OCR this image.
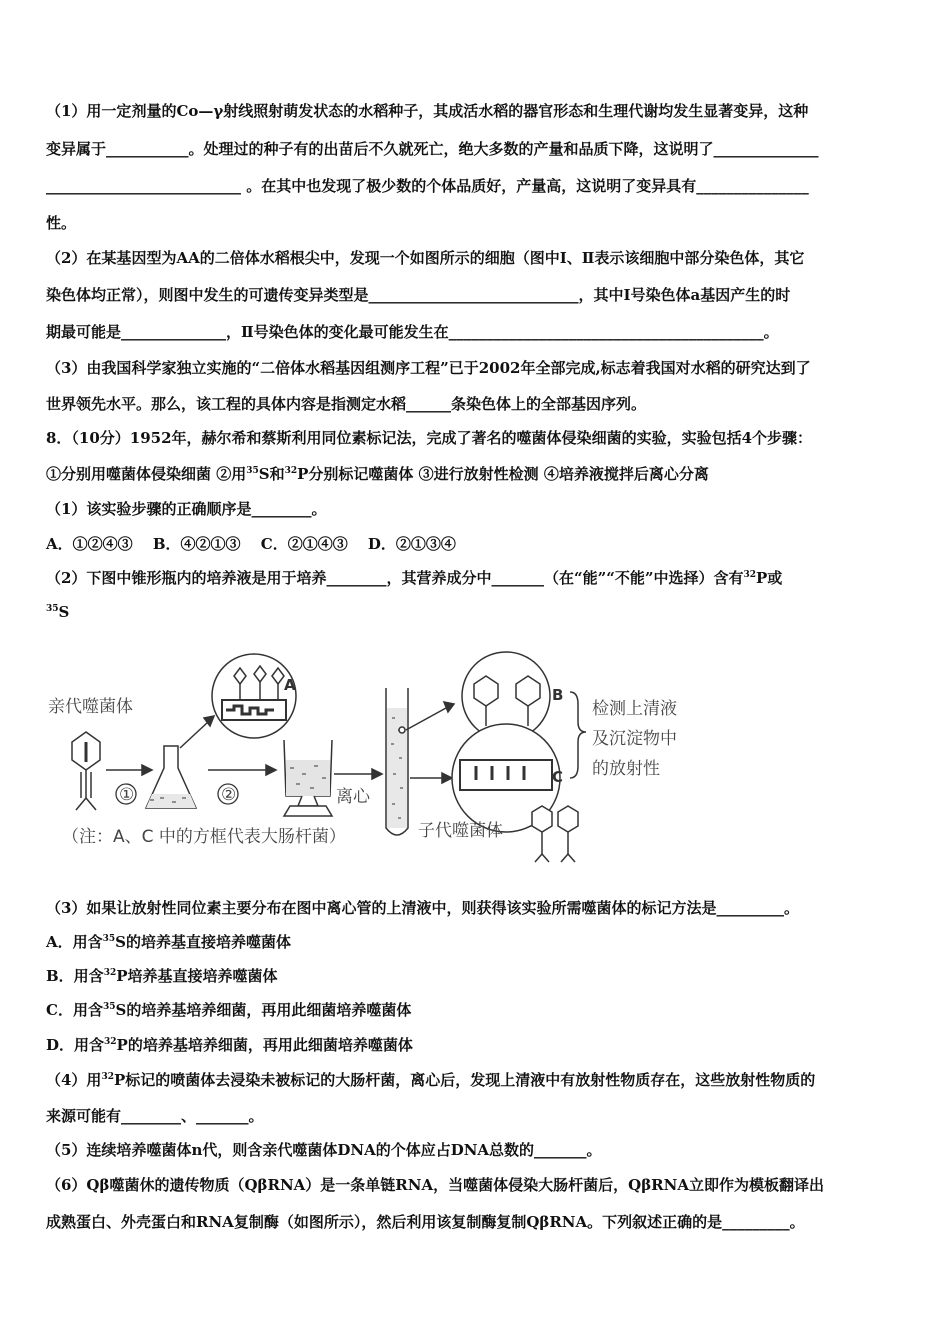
（1）用一定剂量的Co—γ射线照射萌发状态的水稻种子，其成活水稻的器官形态和生理代谢均发生显著变异，这种
变异属于___________。处理过的种子有的出苗后不久就死亡，绝大多数的产量和品质下降，这说明了______________
__________________________ 。在其中也发现了极少数的个体品质好，产量高，这说明了变异具有_______________
性。
（2）在某基因型为AA的二倍体水稻根尖中，发现一个如图所示的细胞（图中Ⅰ、Ⅱ表示该细胞中部分染色体，其它
染色体均正常），则图中发生的可遗传变异类型是____________________________，其中Ⅰ号染色体a基因产生的时
期最可能是______________，Ⅱ号染色体的变化最可能发生在__________________________________________。
（3）由我国科学家独立实施的“二倍体水稻基因组测序工程”已于2002年全部完成,标志着我国对水稻的研究达到了
世界领先水平。那么，该工程的具体内容是指测定水稻______条染色体上的全部基因序列。
8．（10分）1952年，赫尔希和蔡斯利用同位素标记法，完成了著名的噬菌体侵染细菌的实验，实验包括4个步骤：
①分别用噬菌体侵染细菌 ②用$^{35}$S和$^{32}$P分别标记噬菌体 ③进行放射性检测 ④培养液搅拌后离心分离
（1）该实验步骤的正确顺序是________。
A．①②④③　 B．④②①③　 C．②①④③　 D．②①③④
（2）下图中锥形瓶内的培养液是用于培养________，其营养成分中_______（在“能”“不能”中选择）含有$^{32}$P或
$^{35}$S
亲代噬菌体
①
A
②	离心
B
C
检测上清液
及沉淀物中
的放射性
（注：A、C 中的方框代表大肠杆菌）	子代噬菌体
（3）如果让放射性同位素主要分布在图中离心管的上清液中，则获得该实验所需噬菌体的标记方法是_________。
A．用含$^{35}$S的培养基直接培养噬菌体
B．用含$^{32}$P培养基直接培养噬菌体
C．用含$^{35}$S的培养基培养细菌，再用此细菌培养噬菌体
D．用含$^{32}$P的培养基培养细菌，再用此细菌培养噬菌体
（4）用$^{32}$P标记的喷菌体去浸染未被标记的大肠杆菌，离心后，发现上清液中有放射性物质存在，这些放射性物质的
来源可能有________、_______。
（5）连续培养噬菌体n代，则含亲代噬菌体DNA的个体应占DNA总数的_______。
（6）Qβ噬菌休的遗传物质（QβRNA）是一条单链RNA，当噬菌体侵染大肠杆菌后，QβRNA立即作为模板翻译出
成熟蛋白、外壳蛋白和RNA复制酶（如图所示），然后利用该复制酶复制QβRNA。下列叙述正确的是_________。
